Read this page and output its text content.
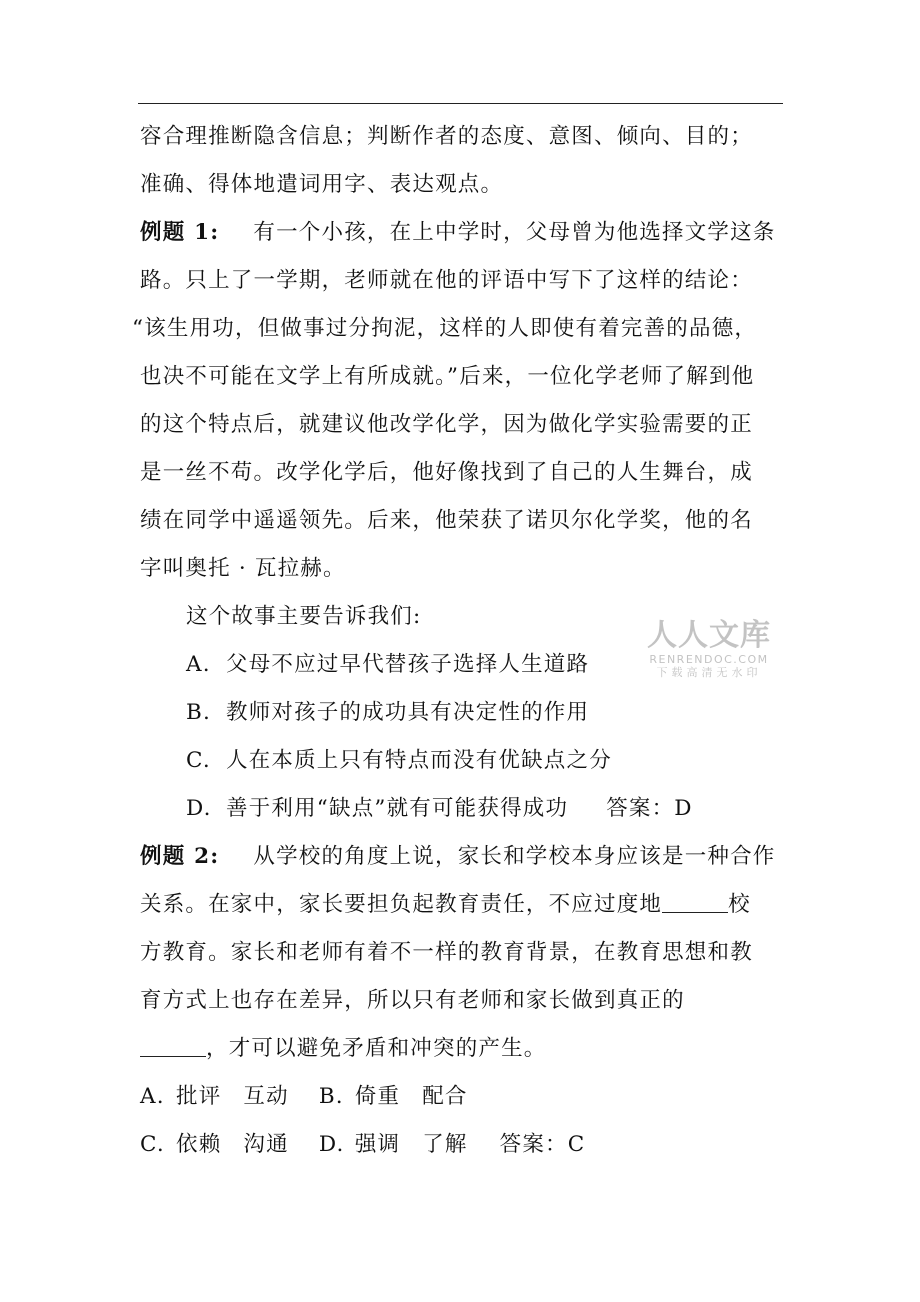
容合理推断隐含信息；判断作者的态度、意图、倾向、目的；
准确、得体地遣词用字、表达观点。
例题 1: 有一个小孩，在上中学时，父母曾为他选择文学这条
路。只上了一学期，老师就在他的评语中写下了这样的结论：
“该生用功，但做事过分拘泥，这样的人即使有着完善的品德，
也决不可能在文学上有所成就。”后来，一位化学老师了解到他
的这个特点后，就建议他改学化学，因为做化学实验需要的正
是一丝不苟。改学化学后，他好像找到了自己的人生舞台，成
绩在同学中遥遥领先。后来，他荣获了诺贝尔化学奖，他的名
字叫奥托 · 瓦拉赫。
这个故事主要告诉我们:
A. 父母不应过早代替孩子选择人生道路
B. 教师对孩子的成功具有决定性的作用
C. 人在本质上只有特点而没有优缺点之分
D. 善于利用“缺点”就有可能获得成功 答案：D
例题 2: 从学校的角度上说，家长和学校本身应该是一种合作
关系。在家中，家长要担负起教育责任，不应过度地	校
方教育。家长和老师有着不一样的教育背景，在教育思想和教
育方式上也存在差异，所以只有老师和家长做到真正的
，才可以避免矛盾和冲突的产生。
A. 批评 互动 B. 倚重 配合
C. 依赖 沟通 D. 强调 了解 答案：C
人人文库
RENRENDOC.COM
下载高清无水印
